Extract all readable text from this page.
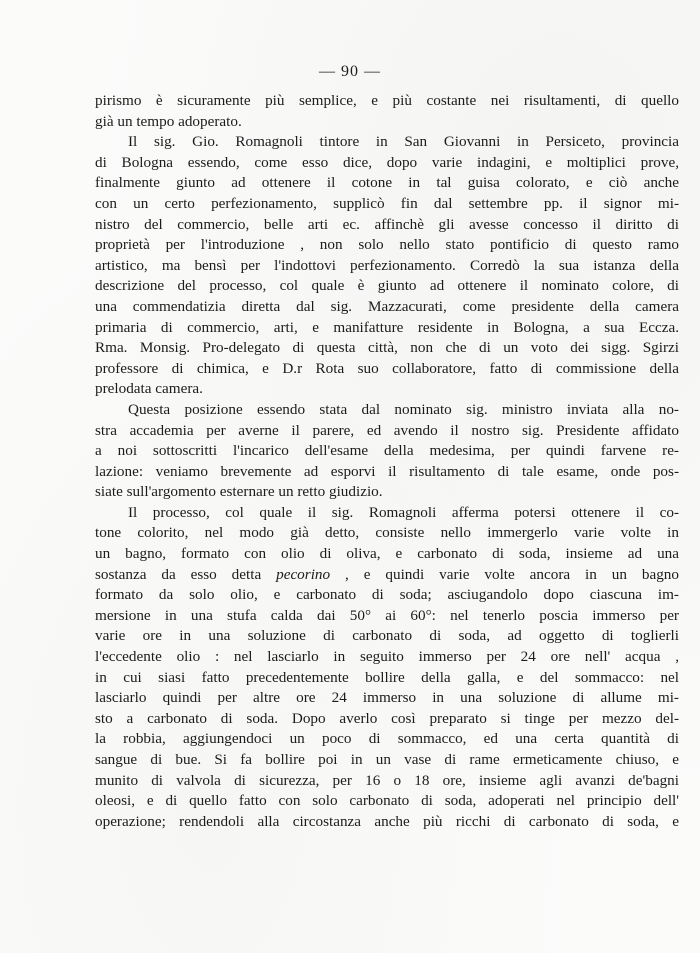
— 90 —
pirismo è sicuramente più semplice, e più costante nei risultamenti, di quello
già un tempo adoperato.
Il sig. Gio. Romagnoli tintore in San Giovanni in Persiceto, provincia
di Bologna essendo, come esso dice, dopo varie indagini, e moltiplici prove,
finalmente giunto ad ottenere il cotone in tal guisa colorato, e ciò anche
con un certo perfezionamento, supplicò fin dal settembre pp. il signor mi-
nistro del commercio, belle arti ec. affinchè gli avesse concesso il diritto di
proprietà per l'introduzione , non solo nello stato pontificio di questo ramo
artistico, ma bensì per l'indottovi perfezionamento. Corredò la sua istanza della
descrizione del processo, col quale è giunto ad ottenere il nominato colore, di
una commendatizia diretta dal sig. Mazzacurati, come presidente della camera
primaria di commercio, arti, e manifatture residente in Bologna, a sua Eccza.
Rma. Monsig. Pro-delegato di questa città, non che di un voto dei sigg. Sgirzi
professore di chimica, e D.r Rota suo collaboratore, fatto di commissione della
prelodata camera.
Questa posizione essendo stata dal nominato sig. ministro inviata alla no-
stra accademia per averne il parere, ed avendo il nostro sig. Presidente affidato
a noi sottoscritti l'incarico dell'esame della medesima, per quindi farvene re-
lazione: veniamo brevemente ad esporvi il risultamento di tale esame, onde pos-
siate sull'argomento esternare un retto giudizio.
Il processo, col quale il sig. Romagnoli afferma potersi ottenere il co-
tone colorito, nel modo già detto, consiste nello immergerlo varie volte in
un bagno, formato con olio di oliva, e carbonato di soda, insieme ad una
sostanza da esso detta pecorino , e quindi varie volte ancora in un bagno
formato da solo olio, e carbonato di soda; asciugandolo dopo ciascuna im-
mersione in una stufa calda dai 50° ai 60°: nel tenerlo poscia immerso per
varie ore in una soluzione di carbonato di soda, ad oggetto di toglierli
l'eccedente olio : nel lasciarlo in seguito immerso per 24 ore nell' acqua ,
in cui siasi fatto precedentemente bollire della galla, e del sommacco: nel
lasciarlo quindi per altre ore 24 immerso in una soluzione di allume mi-
sto a carbonato di soda. Dopo averlo così preparato si tinge per mezzo del-
la robbia, aggiungendoci un poco di sommacco, ed una certa quantità di
sangue di bue. Si fa bollire poi in un vase di rame ermeticamente chiuso, e
munito di valvola di sicurezza, per 16 o 18 ore, insieme agli avanzi de'bagni
oleosi, e di quello fatto con solo carbonato di soda, adoperati nel principio dell'
operazione; rendendoli alla circostanza anche più ricchi di carbonato di soda, e
